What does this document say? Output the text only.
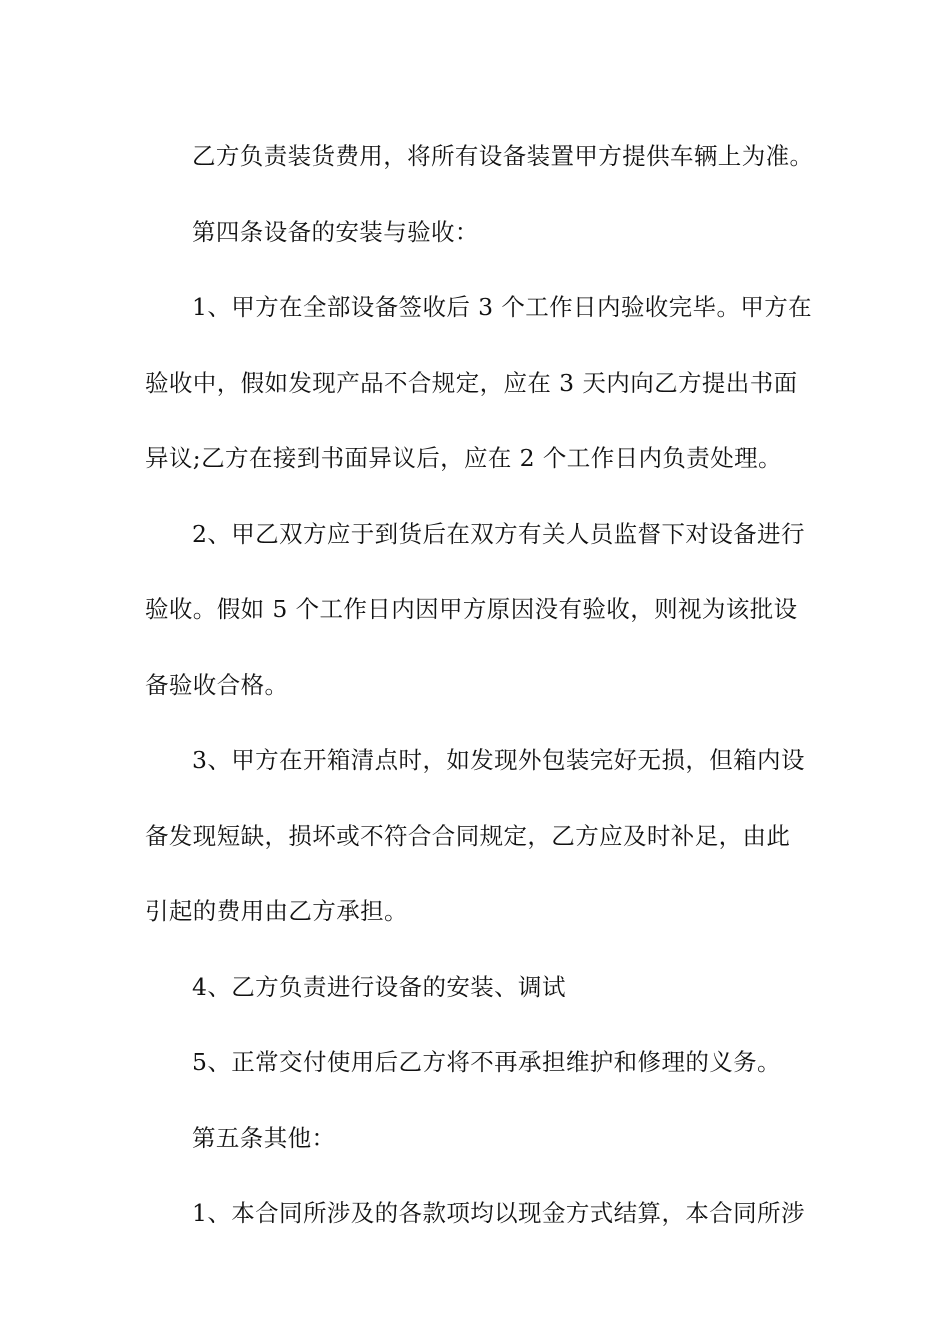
乙方负责装货费用，将所有设备装置甲方提供车辆上为准。
第四条设备的安装与验收：
1、甲方在全部设备签收后 3 个工作日内验收完毕。甲方在
验收中，假如发现产品不合规定，应在 3 天内向乙方提出书面
异议;乙方在接到书面异议后，应在 2 个工作日内负责处理。
2、甲乙双方应于到货后在双方有关人员监督下对设备进行
验收。假如 5 个工作日内因甲方原因没有验收，则视为该批设
备验收合格。
3、甲方在开箱清点时，如发现外包装完好无损，但箱内设
备发现短缺，损坏或不符合合同规定，乙方应及时补足，由此
引起的费用由乙方承担。
4、乙方负责进行设备的安装、调试
5、正常交付使用后乙方将不再承担维护和修理的义务。
第五条其他：
1、本合同所涉及的各款项均以现金方式结算，本合同所涉
